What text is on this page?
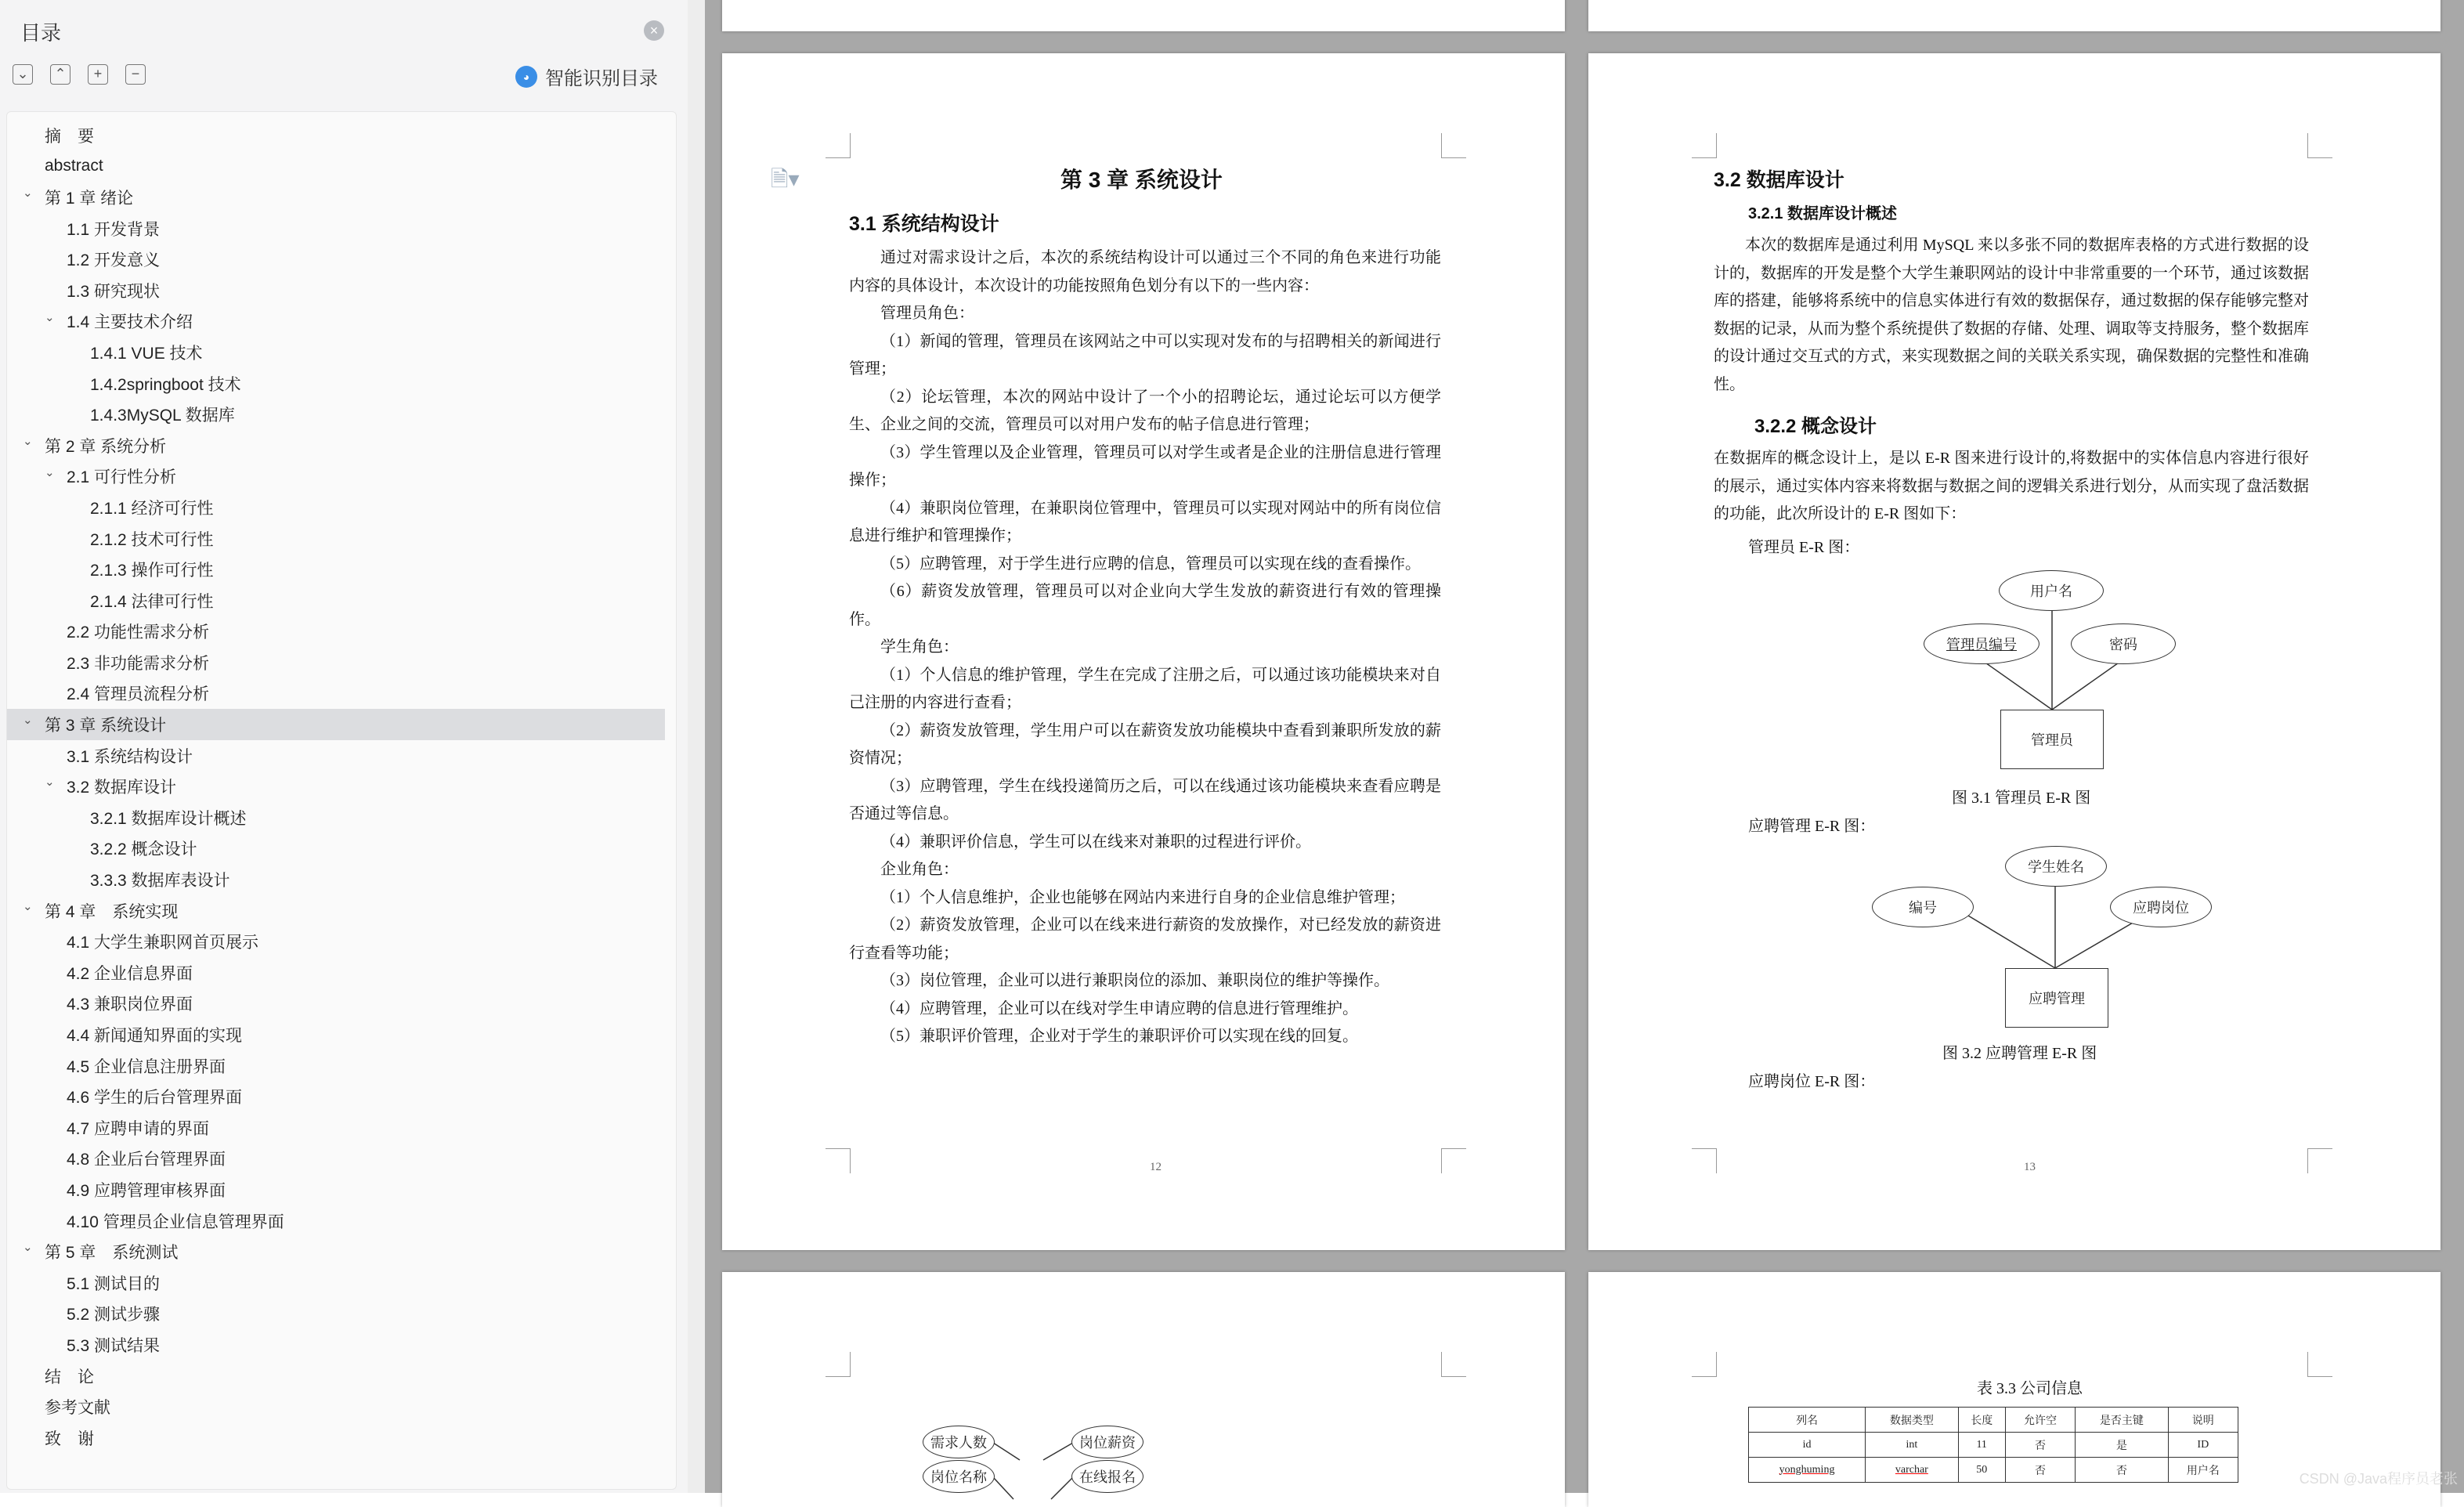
目录	×
⌄	⌃	+	−	◕ 智能识别目录
摘　要
abstract
⌄ 第 1 章 绪论
1.1 开发背景
1.2 开发意义
1.3 研究现状
⌄ 1.4 主要技术介绍
1.4.1 VUE 技术
1.4.2springboot 技术
1.4.3MySQL 数据库
⌄ 第 2 章 系统分析
⌄ 2.1 可行性分析
2.1.1 经济可行性
2.1.2 技术可行性
2.1.3 操作可行性
2.1.4 法律可行性
2.2 功能性需求分析
2.3 非功能需求分析
2.4 管理员流程分析
⌄ 第 3 章 系统设计
3.1 系统结构设计
⌄ 3.2 数据库设计
3.2.1 数据库设计概述
3.2.2 概念设计
3.3.3 数据库表设计
⌄ 第 4 章　系统实现
4.1 大学生兼职网首页展示
4.2 企业信息界面
4.3 兼职岗位界面
4.4 新闻通知界面的实现
4.5 企业信息注册界面
4.6 学生的后台管理界面
4.7 应聘申请的界面
4.8 企业后台管理界面
4.9 应聘管理审核界面
4.10 管理员企业信息管理界面
⌄ 第 5 章　系统测试
5.1 测试目的
5.2 测试步骤
5.3 测试结果
结　论
参考文献
致　谢
🗎▾	第 3 章 系统设计
3.1 系统结构设计
通过对需求设计之后，本次的系统结构设计可以通过三个不同的角色来进行功能内容的具体设计，本次设计的功能按照角色划分有以下的一些内容：
管理员角色：
（1）新闻的管理，管理员在该网站之中可以实现对发布的与招聘相关的新闻进行管理；
（2）论坛管理，本次的网站中设计了一个小的招聘论坛，通过论坛可以方便学生、企业之间的交流，管理员可以对用户发布的帖子信息进行管理；
（3）学生管理以及企业管理，管理员可以对学生或者是企业的注册信息进行管理操作；
（4）兼职岗位管理，在兼职岗位管理中，管理员可以实现对网站中的所有岗位信息进行维护和管理操作；
（5）应聘管理，对于学生进行应聘的信息，管理员可以实现在线的查看操作。
（6）薪资发放管理，管理员可以对企业向大学生发放的薪资进行有效的管理操作。
学生角色：
（1）个人信息的维护管理，学生在完成了注册之后，可以通过该功能模块来对自己注册的内容进行查看；
（2）薪资发放管理，学生用户可以在薪资发放功能模块中查看到兼职所发放的薪资情况；
（3）应聘管理，学生在线投递简历之后，可以在线通过该功能模块来查看应聘是否通过等信息。
（4）兼职评价信息，学生可以在线来对兼职的过程进行评价。
企业角色：
（1）个人信息维护，企业也能够在网站内来进行自身的企业信息维护管理；
（2）薪资发放管理，企业可以在线来进行薪资的发放操作，对已经发放的薪资进行查看等功能；
（3）岗位管理，企业可以进行兼职岗位的添加、兼职岗位的维护等操作。
（4）应聘管理，企业可以在线对学生申请应聘的信息进行管理维护。
（5）兼职评价管理，企业对于学生的兼职评价可以实现在线的回复。
12
3.2 数据库设计
3.2.1 数据库设计概述
本次的数据库是通过利用 MySQL 来以多张不同的数据库表格的方式进行数据的设计的，数据库的开发是整个大学生兼职网站的设计中非常重要的一个环节，通过该数据库的搭建，能够将系统中的信息实体进行有效的数据保存，通过数据的保存能够完整对数据的记录，从而为整个系统提供了数据的存储、处理、调取等支持服务，整个数据库的设计通过交互式的方式，来实现数据之间的关联关系实现，确保数据的完整性和准确性。
3.2.2 概念设计
在数据库的概念设计上，是以 E-R 图来进行设计的,将数据中的实体信息内容进行很好的展示，通过实体内容来将数据与数据之间的逻辑关系进行划分，从而实现了盘活数据的功能，此次所设计的 E-R 图如下：
管理员 E-R 图：
用户名
管理员编号	密码
管理员
图 3.1 管理员 E-R 图
应聘管理 E-R 图：
学生姓名
编号	应聘岗位
应聘管理
图 3.2 应聘管理 E-R 图
应聘岗位 E-R 图：
13
需求人数
岗位名称
岗位薪资
在线报名
表 3.3 公司信息
列名	数据类型	长度	允许空	是否主键	说明
id	int	11	否	是	ID
yonghuming	varchar	50	否	否	用户名	CSDN @Java程序员老张
